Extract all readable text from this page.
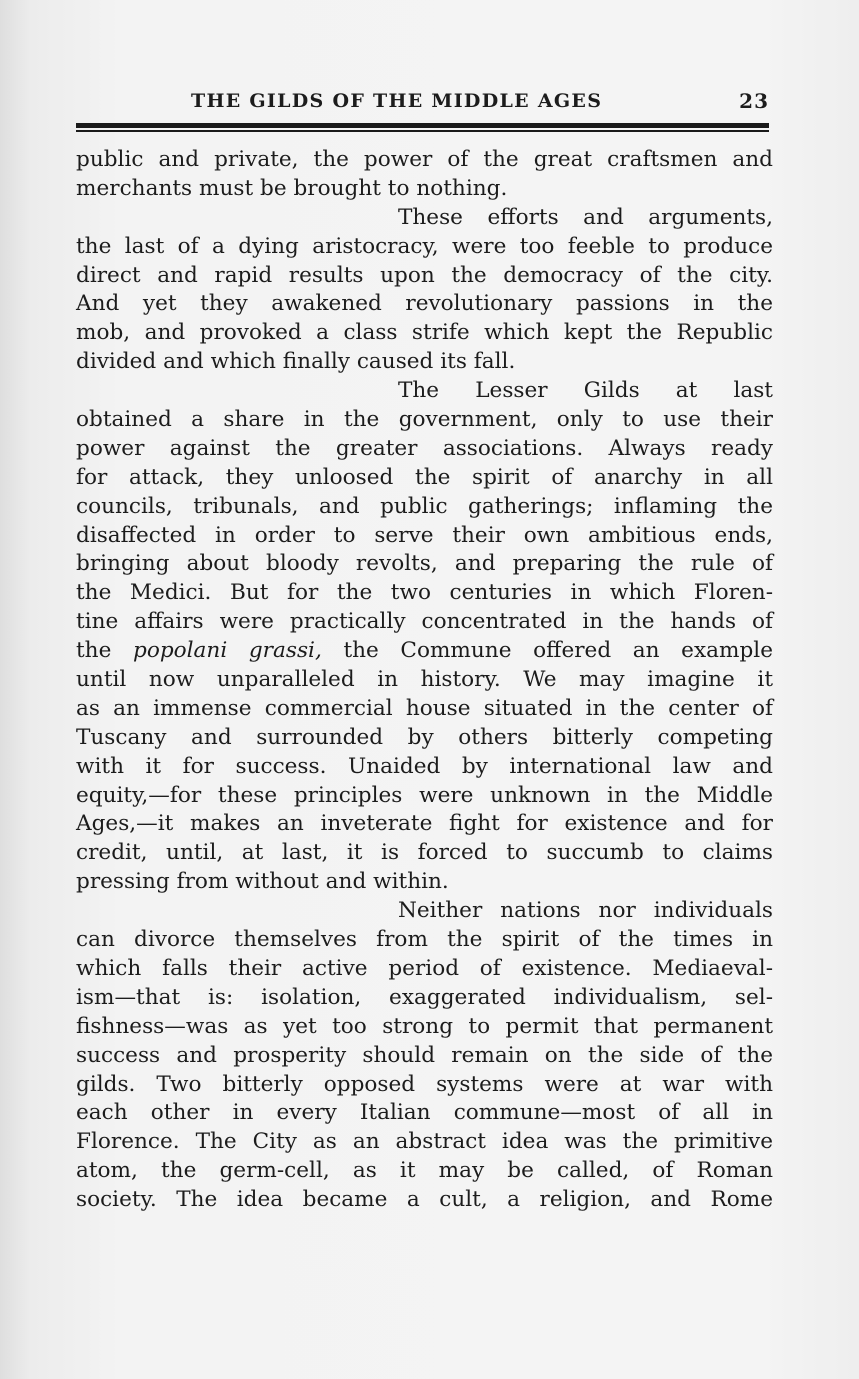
THE GILDS OF THE MIDDLE AGES	23
public and private, the power of the great craftsmen and
merchants must be brought to nothing.
These efforts and arguments,
the last of a dying aristocracy, were too feeble to produce
direct and rapid results upon the democracy of the city.
And yet they awakened revolutionary passions in the
mob, and provoked a class strife which kept the Republic
divided and which finally caused its fall.
The Lesser Gilds at last
obtained a share in the government, only to use their
power against the greater associations. Always ready
for attack, they unloosed the spirit of anarchy in all
councils, tribunals, and public gatherings; inflaming the
disaffected in order to serve their own ambitious ends,
bringing about bloody revolts, and preparing the rule of
the Medici. But for the two centuries in which Floren-
tine affairs were practically concentrated in the hands of
the popolani grassi, the Commune offered an example
until now unparalleled in history. We may imagine it
as an immense commercial house situated in the center of
Tuscany and surrounded by others bitterly competing
with it for success. Unaided by international law and
equity,—for these principles were unknown in the Middle
Ages,—it makes an inveterate fight for existence and for
credit, until, at last, it is forced to succumb to claims
pressing from without and within.
Neither nations nor individuals
can divorce themselves from the spirit of the times in
which falls their active period of existence. Mediaeval-
ism—that is: isolation, exaggerated individualism, sel-
fishness—was as yet too strong to permit that permanent
success and prosperity should remain on the side of the
gilds. Two bitterly opposed systems were at war with
each other in every Italian commune—most of all in
Florence. The City as an abstract idea was the primitive
atom, the germ-cell, as it may be called, of Roman
society. The idea became a cult, a religion, and Rome
